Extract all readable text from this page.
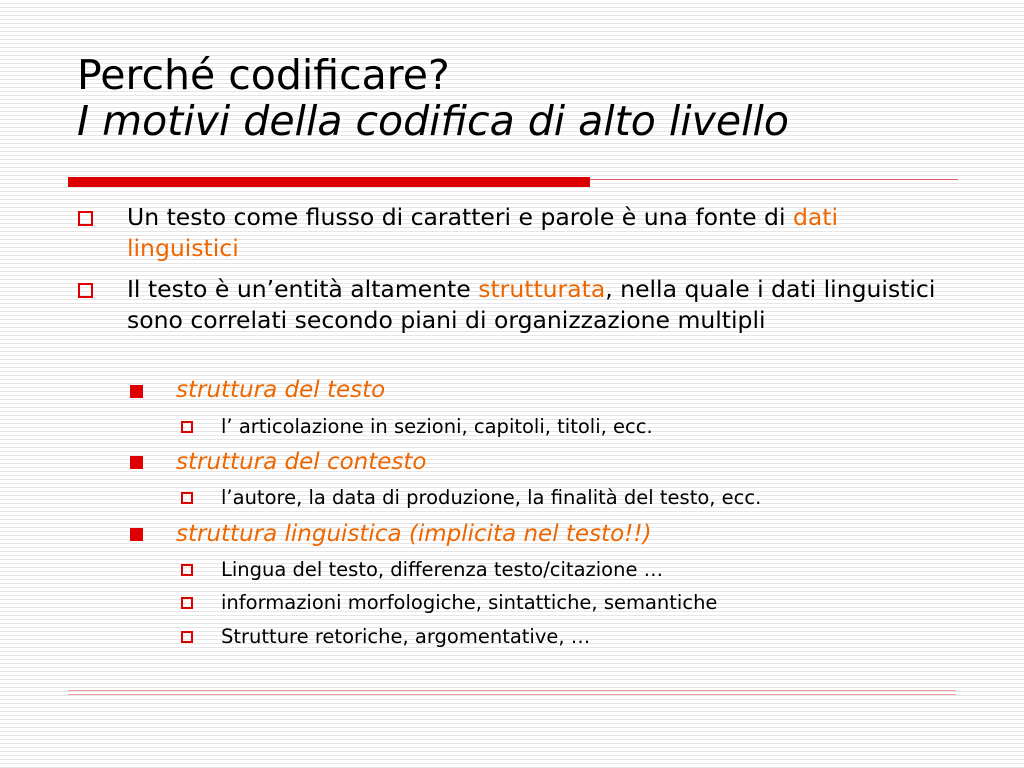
Perché codificare?
I motivi della codifica di alto livello
Un testo come flusso di caratteri e parole è una fonte di dati linguistici
Il testo è un’entità altamente strutturata, nella quale i dati linguistici sono correlati secondo piani di organizzazione multipli
struttura del testo
l’ articolazione in sezioni, capitoli, titoli, ecc.
struttura del contesto
l’autore, la data di produzione, la finalità del testo, ecc.
struttura linguistica (implicita nel testo!!)
Lingua del testo, differenza testo/citazione …
informazioni morfologiche, sintattiche, semantiche
Strutture retoriche, argomentative, …
